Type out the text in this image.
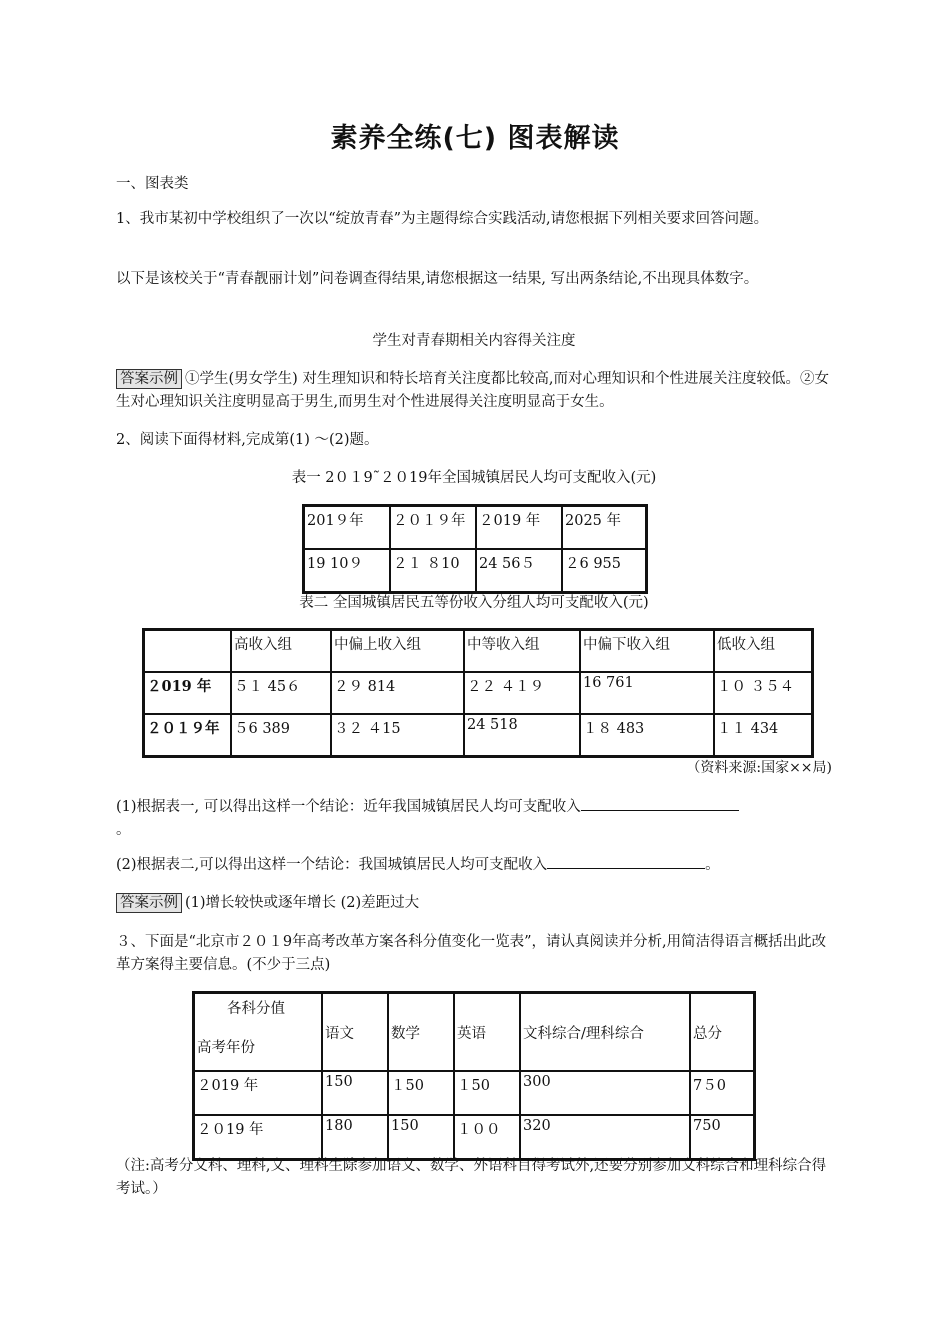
素养全练(七) 图表解读
一、图表类
1、我市某初中学校组织了一次以“绽放青春”为主题得综合实践活动,请您根据下列相关要求回答问题。
以下是该校关于“青春靓丽计划”问卷调查得结果,请您根据这一结果, 写出两条结论,不出现具体数字。
学生对青春期相关内容得关注度
答案示例 ①学生(男女学生) 对生理知识和特长培育关注度都比较高,而对心理知识和个性进展关注度较低。②女生对心理知识关注度明显高于男生,而男生对个性进展得关注度明显高于女生。
2、阅读下面得材料,完成第(1) ～(2)题。
表一 2０１9˜２０19年全国城镇居民人均可支配收入(元)
201９年	２０１９年	２019 年	2025 年
19 10９	２１ ８10	24 56５	２6 955
表二 全国城镇居民五等份收入分组人均可支配收入(元)
	高收入组	中偏上收入组	中等收入组	中偏下收入组	低收入组
２019 年	５１ 45６	２９ 814	２２ ４１９	16 761	１０ ３５４
２０１９年	５6 389	３２ ４15	24 518	１８ 483	１１ 434
（资料来源:国家××局)
(1)根据表一, 可以得出这样一个结论：近年我国城镇居民人均可支配收入
。
(2)根据表二,可以得出这样一个结论：我国城镇居民人均可支配收入	。
答案示例 (1)增长较快或逐年增长 (2)差距过大
３、下面是“北京市２０１9年高考改革方案各科分值变化一览表”，请认真阅读并分析,用简洁得语言概括出此改革方案得主要信息。(不少于三点)
各科分值
高考年份	语文	数学	英语	文科综合/理科综合	总分
２019 年	150	１50	１50	300	7５0
２０19 年	180	150	１００	320	750
（注:高考分文科、理科,文、理科生除参加语文、数学、外语科目得考试外,还要分别参加文科综合和理科综合得考试。）
